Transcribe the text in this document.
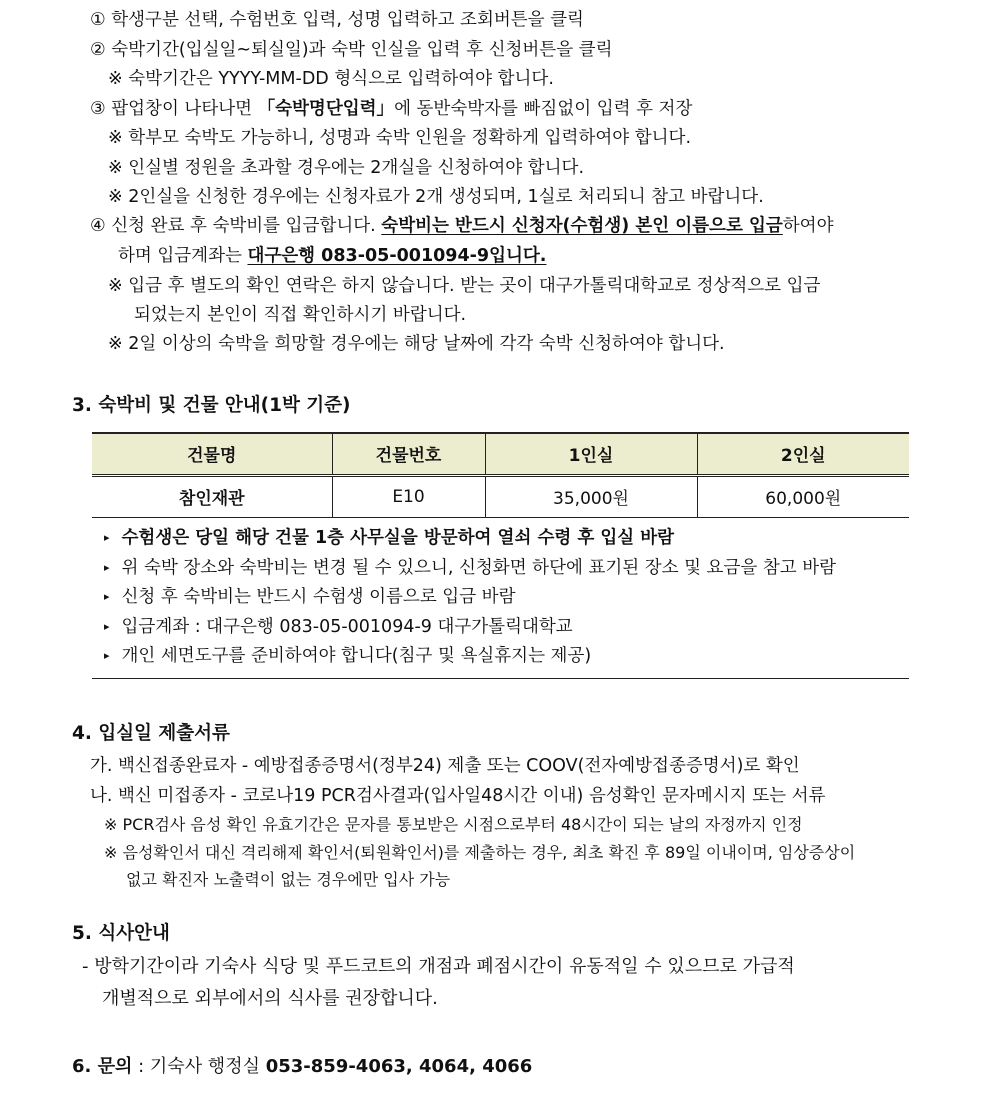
① 학생구분 선택, 수험번호 입력, 성명 입력하고 조회버튼을 클릭
② 숙박기간(입실일~퇴실일)과 숙박 인실을 입력 후 신청버튼을 클릭
※ 숙박기간은 YYYY-MM-DD 형식으로 입력하여야 합니다.
③ 팝업창이 나타나면 「숙박명단입력」에 동반숙박자를 빠짐없이 입력 후 저장
※ 학부모 숙박도 가능하니, 성명과 숙박 인원을 정확하게 입력하여야 합니다.
※ 인실별 정원을 초과할 경우에는 2개실을 신청하여야 합니다.
※ 2인실을 신청한 경우에는 신청자료가 2개 생성되며, 1실로 처리되니 참고 바랍니다.
④ 신청 완료 후 숙박비를 입금합니다. 숙박비는 반드시 신청자(수험생) 본인 이름으로 입금하여야
하며 입금계좌는 대구은행 083-05-001094-9입니다.
※ 입금 후 별도의 확인 연락은 하지 않습니다. 받는 곳이 대구가톨릭대학교로 정상적으로 입금
되었는지 본인이 직접 확인하시기 바랍니다.
※ 2일 이상의 숙박을 희망할 경우에는 해당 날짜에 각각 숙박 신청하여야 합니다.
3. 숙박비 및 건물 안내(1박 기준)
건물명	건물번호	1인실	2인실
참인재관	E10	35,000원	60,000원
▸ 수험생은 당일 해당 건물 1층 사무실을 방문하여 열쇠 수령 후 입실 바람
▸ 위 숙박 장소와 숙박비는 변경 될 수 있으니, 신청화면 하단에 표기된 장소 및 요금을 참고 바람
▸ 신청 후 숙박비는 반드시 수험생 이름으로 입금 바람
▸ 입금계좌 : 대구은행 083-05-001094-9 대구가톨릭대학교
▸ 개인 세면도구를 준비하여야 합니다(침구 및 욕실휴지는 제공)
4. 입실일 제출서류
가. 백신접종완료자 - 예방접종증명서(정부24) 제출 또는 COOV(전자예방접종증명서)로 확인
나. 백신 미접종자 - 코로나19 PCR검사결과(입사일48시간 이내) 음성확인 문자메시지 또는 서류
※ PCR검사 음성 확인 유효기간은 문자를 통보받은 시점으로부터 48시간이 되는 날의 자정까지 인정
※ 음성확인서 대신 격리해제 확인서(퇴원확인서)를 제출하는 경우, 최초 확진 후 89일 이내이며, 임상증상이
없고 확진자 노출력이 없는 경우에만 입사 가능
5. 식사안내
- 방학기간이라 기숙사 식당 및 푸드코트의 개점과 폐점시간이 유동적일 수 있으므로 가급적
개별적으로 외부에서의 식사를 권장합니다.
6. 문의 : 기숙사 행정실 053-859-4063, 4064, 4066
